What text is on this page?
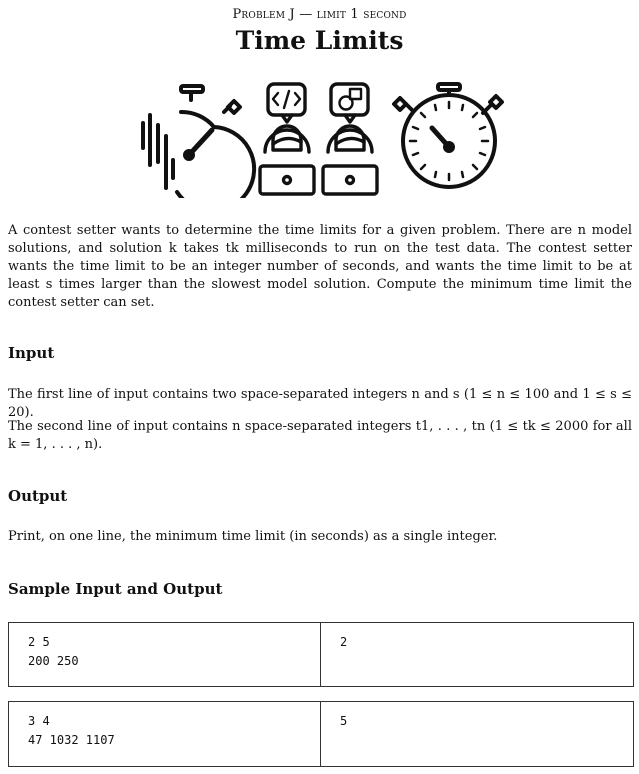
Problem J — limit 1 second
Time Limits

A contest setter wants to determine the time limits for a given problem. There are n model solutions, and solution k takes tk milliseconds to run on the test data. The contest setter wants the time limit to be an integer number of seconds, and wants the time limit to be at least s times larger than the slowest model solution. Compute the minimum time limit the contest setter can set.

Input

The first line of input contains two space-separated integers n and s (1 ≤ n ≤ 100 and 1 ≤ s ≤ 20).

The second line of input contains n space-separated integers t1, . . . , tn (1 ≤ tk ≤ 2000 for all k = 1, . . . , n).

Output

Print, on one line, the minimum time limit (in seconds) as a single integer.

Sample Input and Output
2 5
200 250
2
3 4
47 1032 1107
5
